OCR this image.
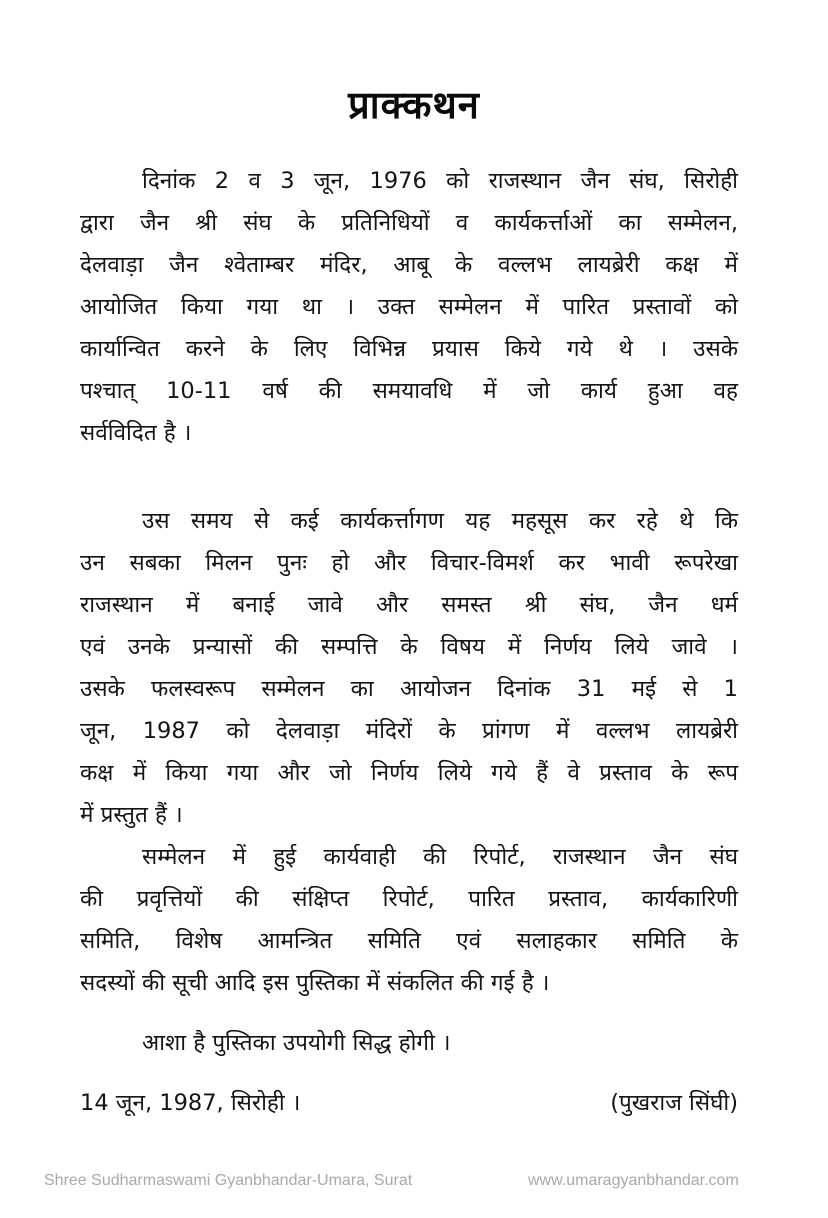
प्राक्कथन
दिनांक 2 व 3 जून, 1976 को राजस्थान जैन संघ, सिरोही
द्वारा जैन श्री संघ के प्रतिनिधियों व कार्यकर्त्ताओं का सम्मेलन,
देलवाड़ा जैन श्वेताम्बर मंदिर, आबू के वल्लभ लायब्रेरी कक्ष में
आयोजित किया गया था । उक्त सम्मेलन में पारित प्रस्तावों को
कार्यान्वित करने के लिए विभिन्न प्रयास किये गये थे । उसके
पश्चात् 10-11 वर्ष की समयावधि में जो कार्य हुआ वह
सर्वविदित है ।
उस समय से कई कार्यकर्त्तागण यह महसूस कर रहे थे कि
उन सबका मिलन पुनः हो और विचार-विमर्श कर भावी रूपरेखा
राजस्थान में बनाई जावे और समस्त श्री संघ, जैन धर्म
एवं उनके प्रन्यासों की सम्पत्ति के विषय में निर्णय लिये जावे ।
उसके फलस्वरूप सम्मेलन का आयोजन दिनांक 31 मई से 1
जून, 1987 को देलवाड़ा मंदिरों के प्रांगण में वल्लभ लायब्रेरी
कक्ष में किया गया और जो निर्णय लिये गये हैं वे प्रस्ताव के रूप
में प्रस्तुत हैं ।
सम्मेलन में हुई कार्यवाही की रिपोर्ट, राजस्थान जैन संघ
की प्रवृत्तियों की संक्षिप्त रिपोर्ट, पारित प्रस्ताव, कार्यकारिणी
समिति, विशेष आमन्त्रित समिति एवं सलाहकार समिति के
सदस्यों की सूची आदि इस पुस्तिका में संकलित की गई है ।
आशा है पुस्तिका उपयोगी सिद्ध होगी ।
14 जून, 1987, सिरोही ।	(पुखराज सिंघी)
Shree Sudharmaswami Gyanbhandar-Umara, Surat	www.umaragyanbhandar.com
